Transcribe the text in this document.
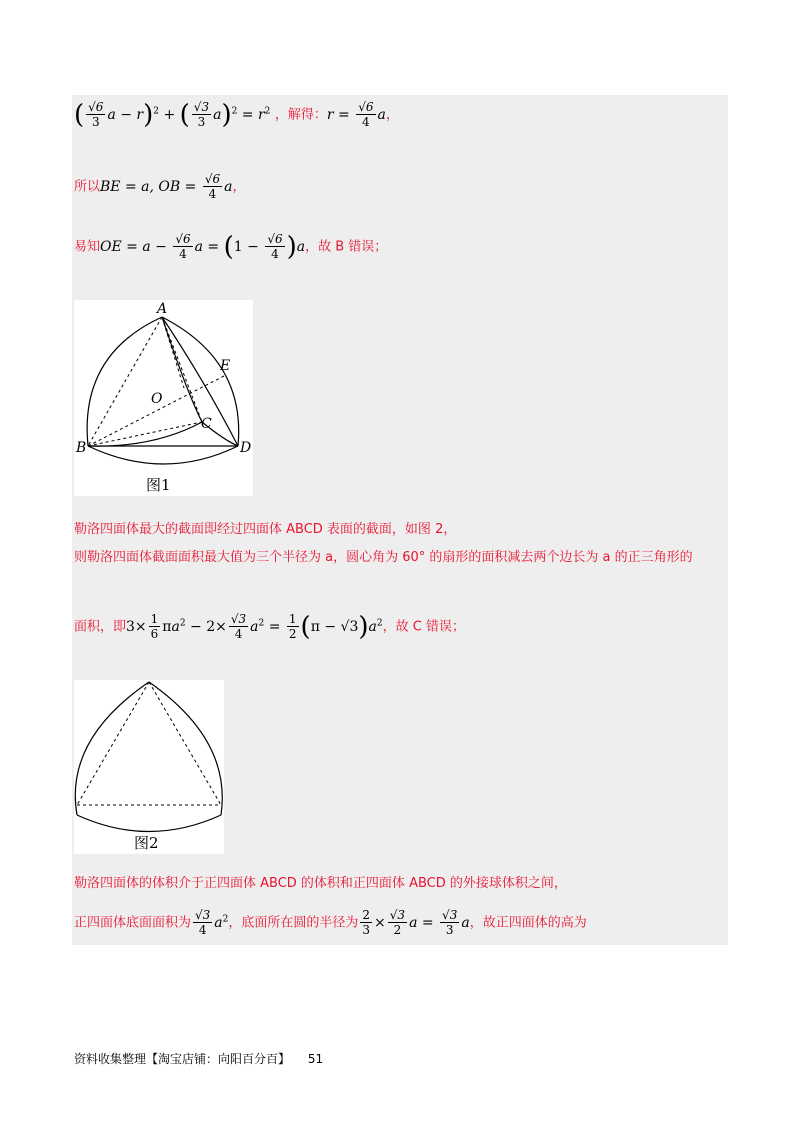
( $\frac{√6}{3}$ a − r)$^2$ + ( $\frac{√3}{3} a)^2 = r^2$ ，解得：$r = \frac{√6}{4}$ a，
所以BE = a, OB = $\frac{√6}{4}$ a，
易知OE = $a - \frac{√6}{4}$ $a = (1 - \frac{√6}{4} )a$，故 B 错误；
A
B
C
D
E
O
图1
勒洛四面体最大的截面即经过四面体 ABCD 表面的截面，如图 2，
则勒洛四面体截面面积最大值为三个半径为 a，圆心角为 60° 的扇形的面积减去两个边长为 a 的正三角形的
面积，即$3\times \frac{1}{6} \pi a^2 - 2\times \frac{√3}{4} a^2 = \frac{1}{2} (\pi - √3)a^2$，故 C 错误；
图2
勒洛四面体的体积介于正四面体 ABCD 的体积和正四面体 ABCD 的外接球体积之间，
正四面体底面面积为 $\frac{√3}{4} a^2$，底面所在圆的半径为 $\frac{2}{3} \times \frac{√3}{2}$ $a = \frac{√3}{3}$ a，故正四面体的高为
资料收集整理【淘宝店铺：向阳百分百】 51
